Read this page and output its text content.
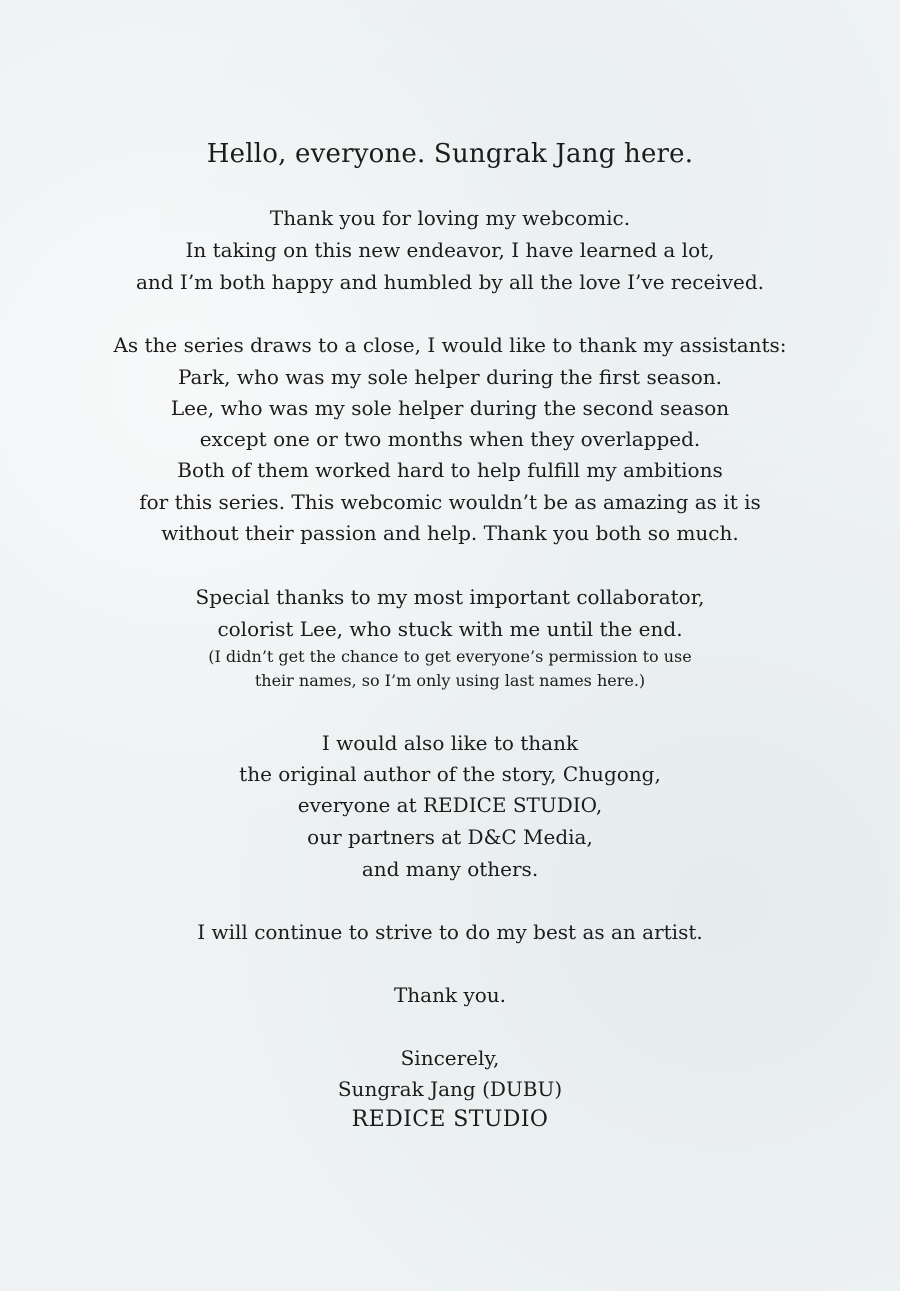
Hello, everyone. Sungrak Jang here.
Thank you for loving my webcomic.
In taking on this new endeavor, I have learned a lot,
and I’m both happy and humbled by all the love I’ve received.
As the series draws to a close, I would like to thank my assistants:
Park, who was my sole helper during the first season.
Lee, who was my sole helper during the second season
except one or two months when they overlapped.
Both of them worked hard to help fulfill my ambitions
for this series. This webcomic wouldn’t be as amazing as it is
without their passion and help. Thank you both so much.
Special thanks to my most important collaborator,
colorist Lee, who stuck with me until the end.
(I didn’t get the chance to get everyone’s permission to use
their names, so I’m only using last names here.)
I would also like to thank
the original author of the story, Chugong,
everyone at REDICE STUDIO,
our partners at D&C Media,
and many others.
I will continue to strive to do my best as an artist.
Thank you.
Sincerely,
Sungrak Jang (DUBU)
REDICE STUDIO
